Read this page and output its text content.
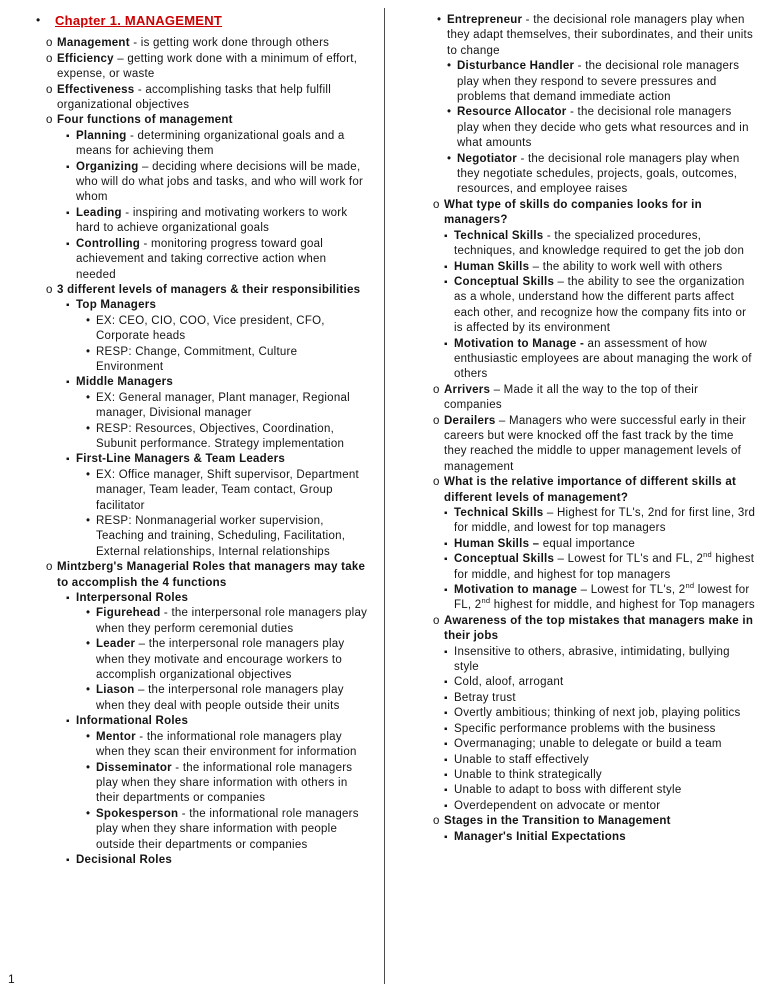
•	Chapter 1. MANAGEMENT
o Management - is getting work done through others
o Efficiency – getting work done with a minimum of effort, expense, or waste
o Effectiveness - accomplishing tasks that help fulfill organizational objectives
o Four functions of management
▪ Planning - determining organizational goals and a means for achieving them
▪ Organizing – deciding where decisions will be made, who will do what jobs and tasks, and who will work for whom
▪ Leading - inspiring and motivating workers to work hard to achieve organizational goals
▪ Controlling - monitoring progress toward goal achievement and taking corrective action when needed
o 3 different levels of managers & their responsibilities
▪ Top Managers
• EX: CEO, CIO, COO, Vice president, CFO, Corporate heads
• RESP: Change, Commitment, Culture Environment
▪ Middle Managers
• EX: General manager, Plant manager, Regional manager, Divisional manager
• RESP: Resources, Objectives, Coordination, Subunit performance. Strategy implementation
▪ First-Line Managers & Team Leaders
• EX: Office manager, Shift supervisor, Department manager, Team leader, Team contact, Group facilitator
• RESP: Nonmanagerial worker supervision, Teaching and training, Scheduling, Facilitation, External relationships, Internal relationships
o Mintzberg's Managerial Roles that managers may take to accomplish the 4 functions
▪ Interpersonal Roles
• Figurehead - the interpersonal role managers play when they perform ceremonial duties
• Leader – the interpersonal role managers play when they motivate and encourage workers to accomplish organizational objectives
• Liason – the interpersonal role managers play when they deal with people outside their units
▪ Informational Roles
• Mentor - the informational role managers play when they scan their environment for information
• Disseminator - the informational role managers play when they share information with others in their departments or companies
• Spokesperson - the informational role managers play when they share information with people outside their departments or companies
▪ Decisional Roles
• Entrepreneur - the decisional role managers play when they adapt themselves, their subordinates, and their units to change
• Disturbance Handler - the decisional role managers play when they respond to severe pressures and problems that demand immediate action
• Resource Allocator - the decisional role managers play when they decide who gets what resources and in what amounts
• Negotiator - the decisional role managers play when they negotiate schedules, projects, goals, outcomes, resources, and employee raises
o What type of skills do companies looks for in managers?
▪ Technical Skills - the specialized procedures, techniques, and knowledge required to get the job don
▪ Human Skills – the ability to work well with others
▪ Conceptual Skills – the ability to see the organization as a whole, understand how the different parts affect each other, and recognize how the company fits into or is affected by its environment
▪ Motivation to Manage - an assessment of how enthusiastic employees are about managing the work of others
o Arrivers – Made it all the way to the top of their companies
o Derailers – Managers who were successful early in their careers but were knocked off the fast track by the time they reached the middle to upper management levels of management
o What is the relative importance of different skills at different levels of management?
▪ Technical Skills – Highest for TL's, 2nd for first line, 3rd for middle, and lowest for top managers
▪ Human Skills – equal importance
▪ Conceptual Skills – Lowest for TL's and FL, 2nd highest for middle, and highest for top managers
▪ Motivation to manage – Lowest for TL's, 2nd lowest for FL, 2nd highest for middle, and highest for Top managers
o Awareness of the top mistakes that managers make in their jobs
▪ Insensitive to others, abrasive, intimidating, bullying style
▪ Cold, aloof, arrogant
▪ Betray trust
▪ Overtly ambitious; thinking of next job, playing politics
▪ Specific performance problems with the business
▪ Overmanaging; unable to delegate or build a team
▪ Unable to staff effectively
▪ Unable to think strategically
▪ Unable to adapt to boss with different style
▪ Overdependent on advocate or mentor
o Stages in the Transition to Management
▪ Manager's Initial Expectations
1
